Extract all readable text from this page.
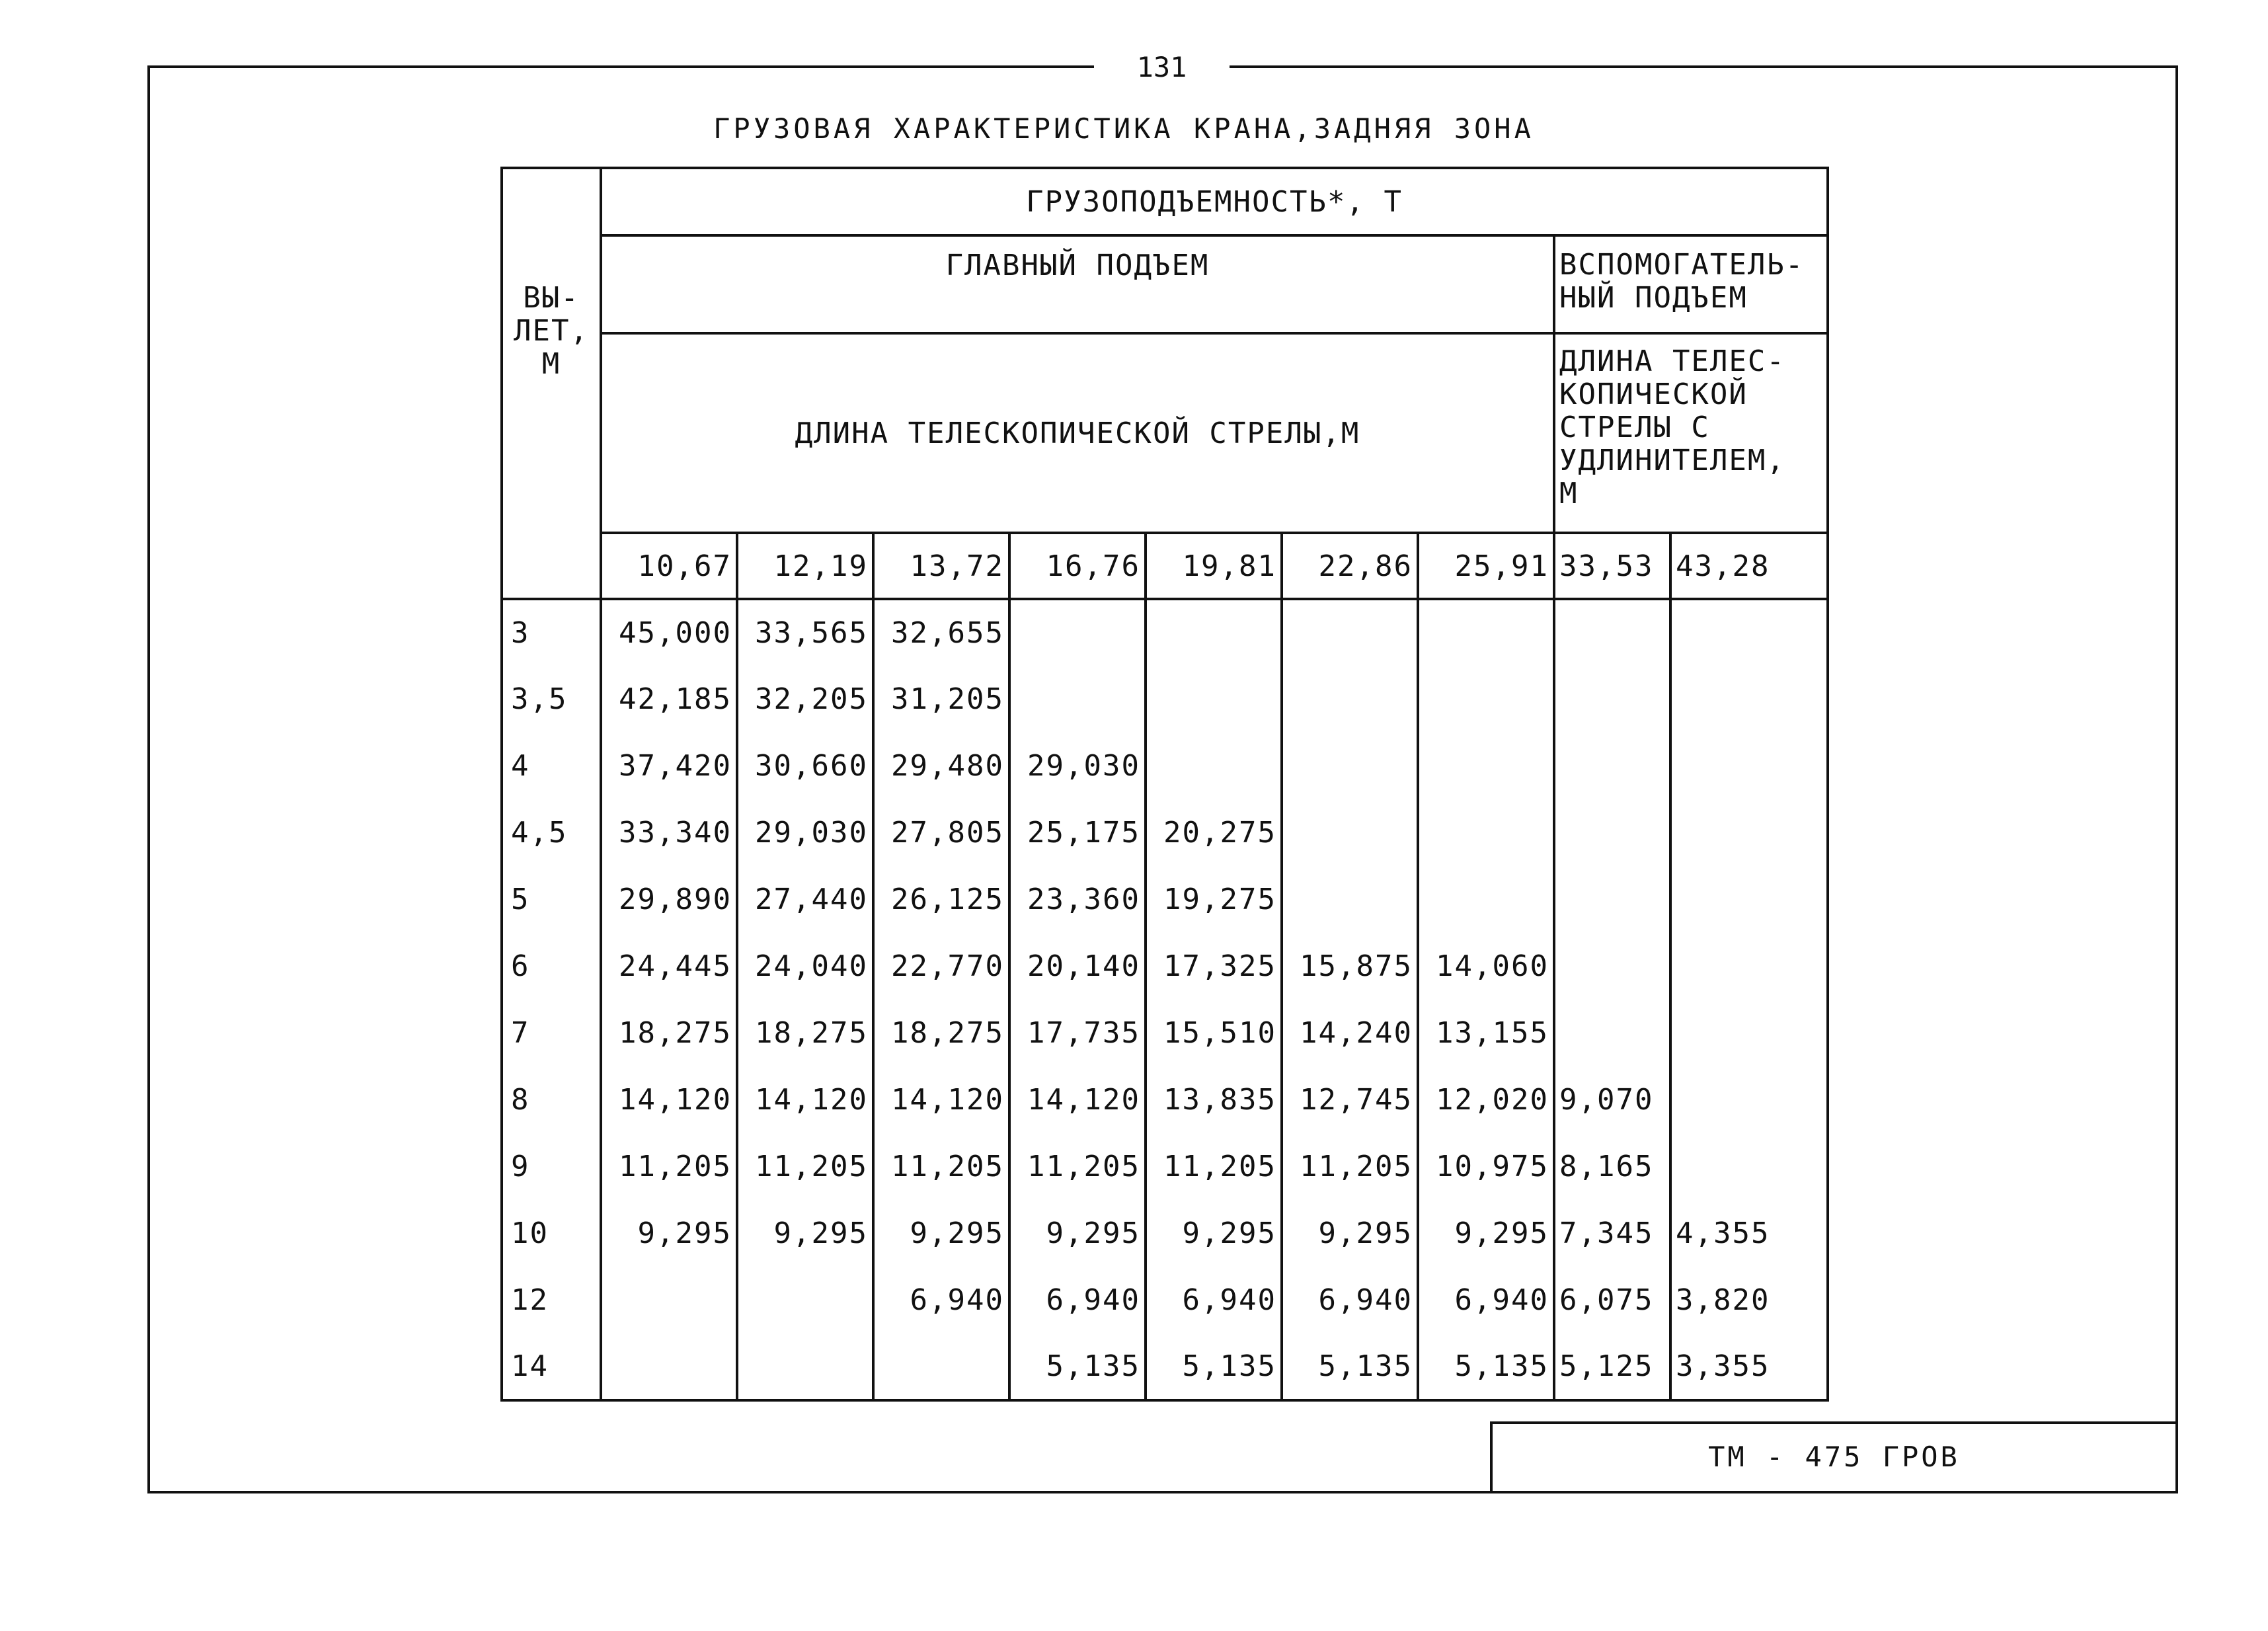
131
ГРУЗОВАЯ ХАРАКТЕРИСТИКА КРАНА,ЗАДНЯЯ ЗОНА
ВЫ-
ЛЕТ,
М	ГРУЗОПОДЪЕМНОСТЬ*, Т								
	ГЛАВНЫЙ ПОДЪЕМ							ВСПОМОГАТЕЛЬ-
НЫЙ ПОДЪЕМ	
	ДЛИНА ТЕЛЕСКОПИЧЕСКОЙ СТРЕЛЫ,М							ДЛИНА ТЕЛЕС-
КОПИЧЕСКОЙ
СТРЕЛЫ С
УДЛИНИТЕЛЕМ,
М	
	10,67	12,19	13,72	16,76	19,81	22,86	25,91	33,53	43,28
3	45,000	33,565	32,655						
3,5	42,185	32,205	31,205						
4	37,420	30,660	29,480	29,030					
4,5	33,340	29,030	27,805	25,175	20,275				
5	29,890	27,440	26,125	23,360	19,275				
6	24,445	24,040	22,770	20,140	17,325	15,875	14,060		
7	18,275	18,275	18,275	17,735	15,510	14,240	13,155		
8	14,120	14,120	14,120	14,120	13,835	12,745	12,020	9,070	
9	11,205	11,205	11,205	11,205	11,205	11,205	10,975	8,165	
10	9,295	9,295	9,295	9,295	9,295	9,295	9,295	7,345	4,355
12			6,940	6,940	6,940	6,940	6,940	6,075	3,820
14				5,135	5,135	5,135	5,135	5,125	3,355
ТМ - 475 ГРОВ
